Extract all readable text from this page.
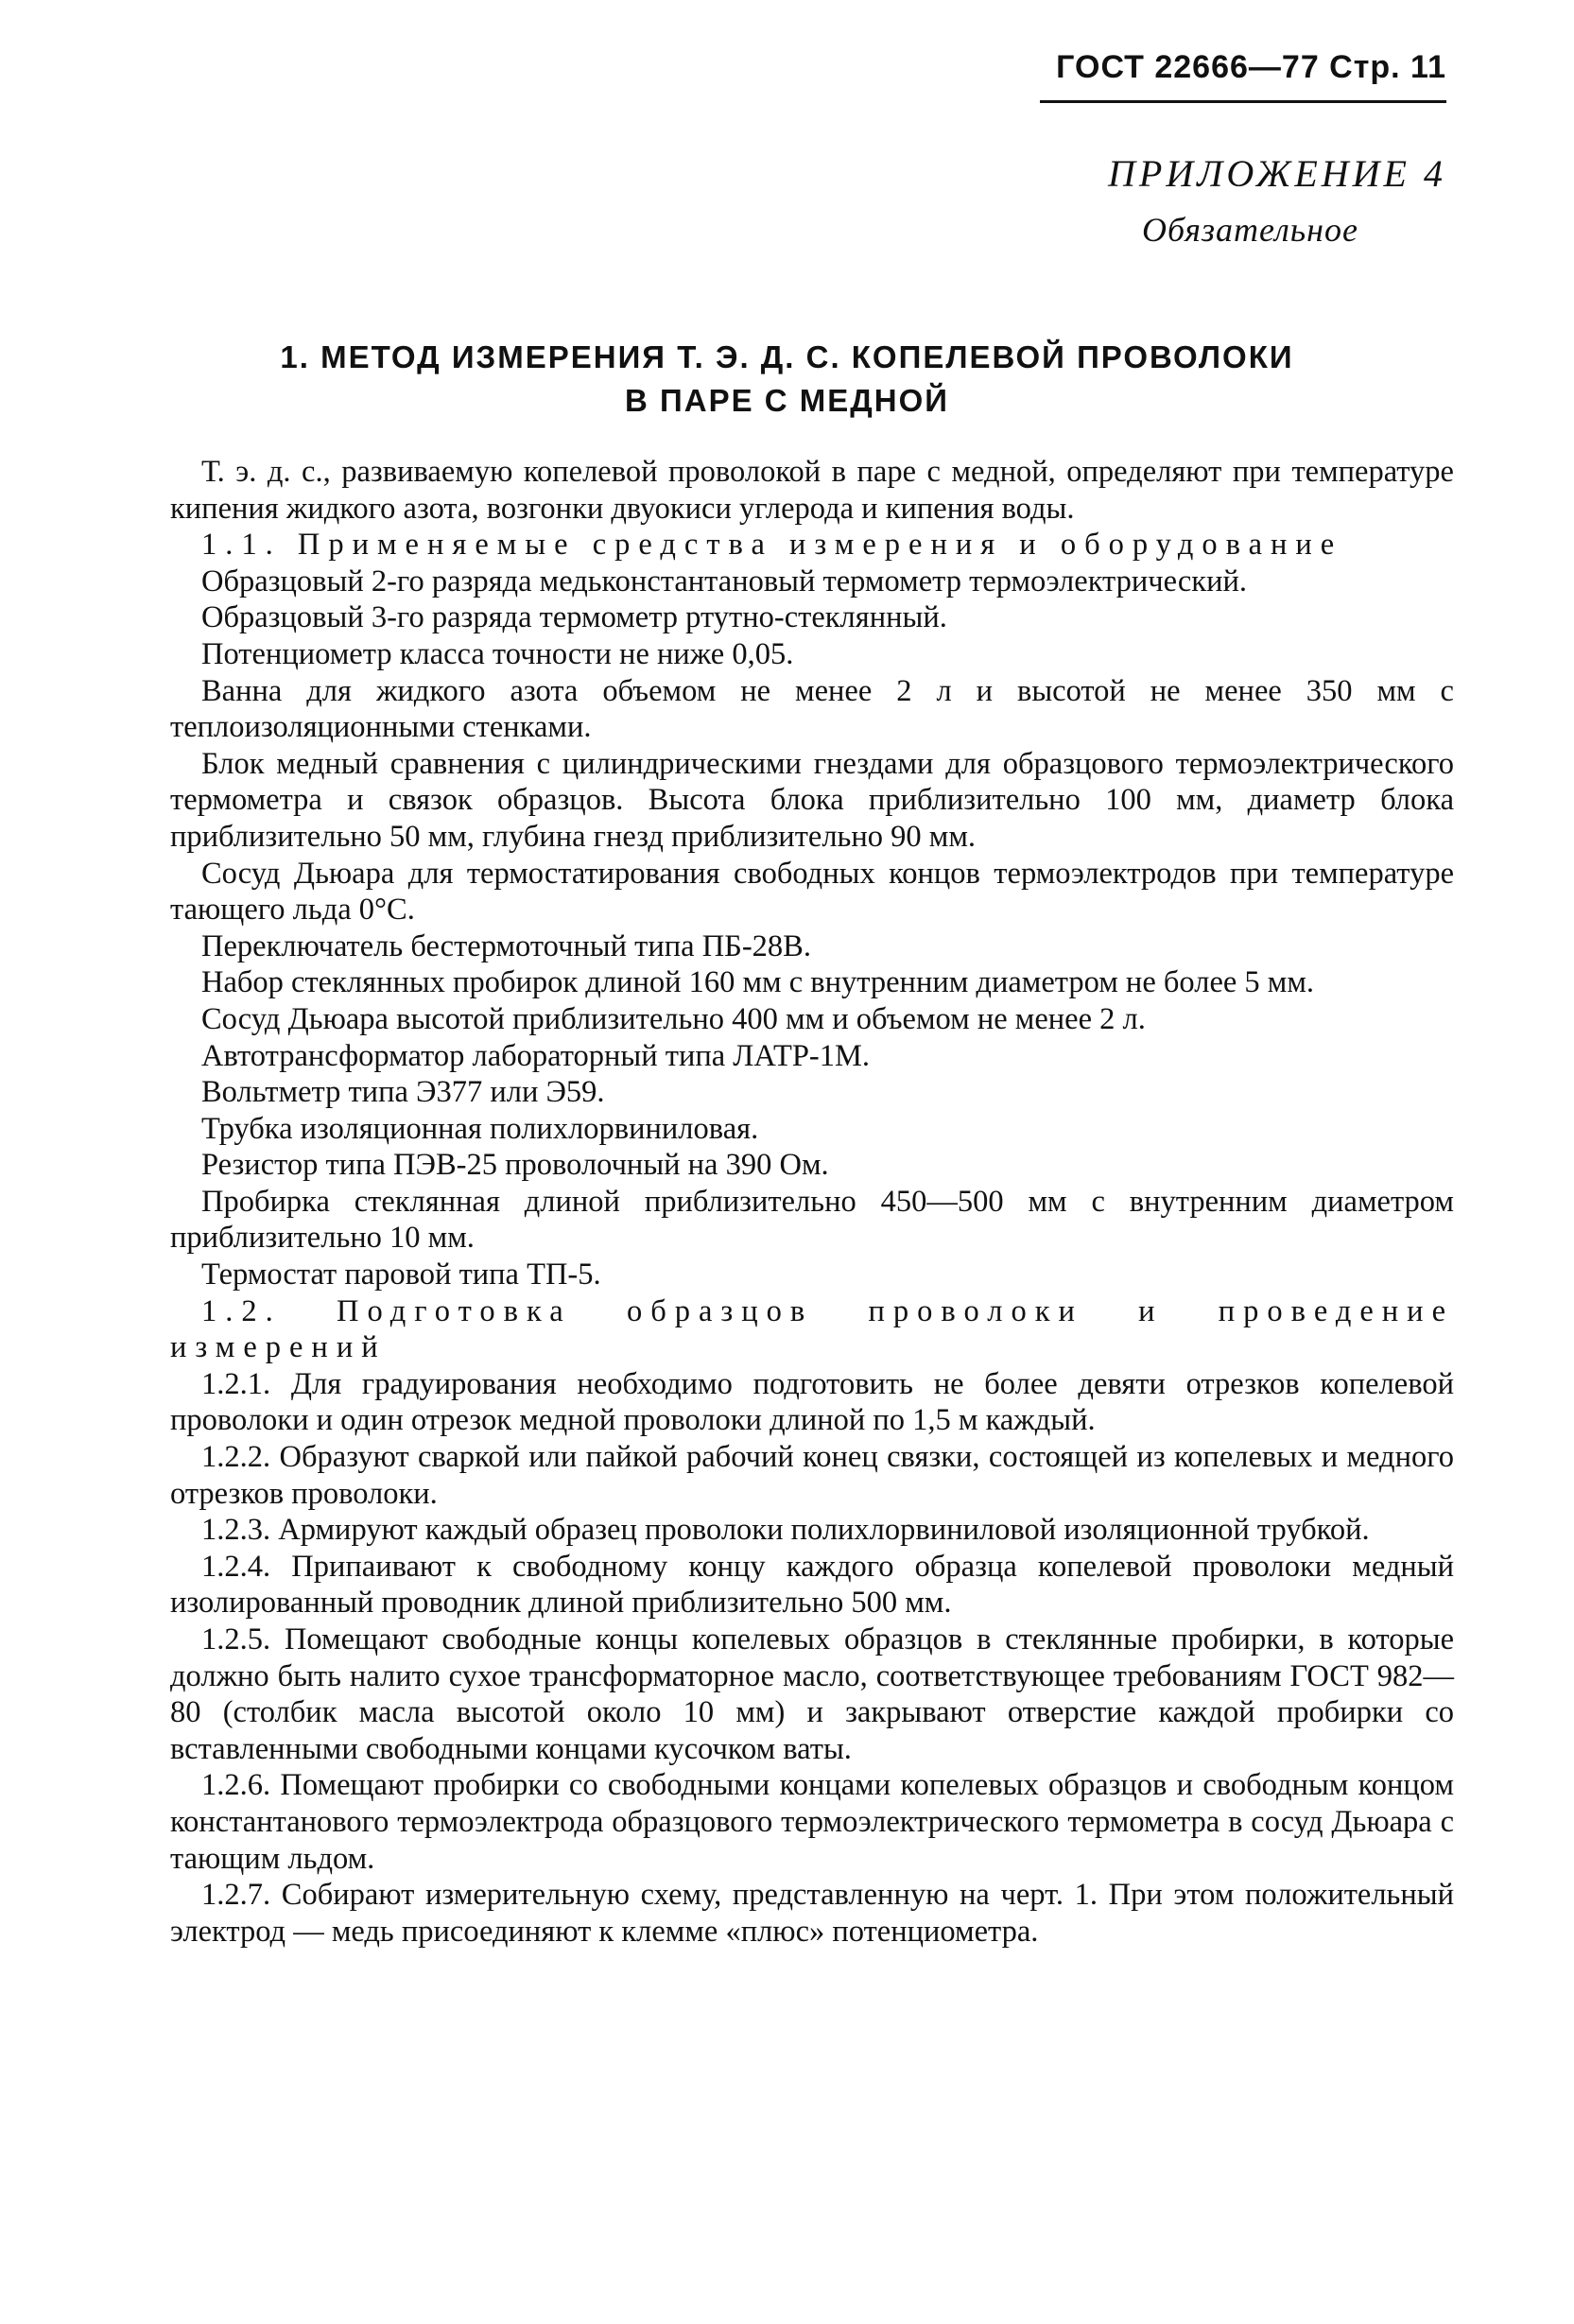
ГОСТ 22666—77 Стр. 11
ПРИЛОЖЕНИЕ 4
Обязательное
1. МЕТОД ИЗМЕРЕНИЯ Т. Э. Д. С. КОПЕЛЕВОЙ ПРОВОЛОКИ
В ПАРЕ С МЕДНОЙ

Т. э. д. с., развиваемую копелевой проволокой в паре с медной, определяют при температуре кипения жидкого азота, возгонки двуокиси углерода и кипения воды.

1.1. Применяемые средства измерения и оборудование

Образцовый 2-го разряда медьконстантановый термометр термоэлектрический.

Образцовый 3-го разряда термометр ртутно-стеклянный.

Потенциометр класса точности не ниже 0,05.

Ванна для жидкого азота объемом не менее 2 л и высотой не менее 350 мм с теплоизоляционными стенками.

Блок медный сравнения с цилиндрическими гнездами для образцового термоэлектрического термометра и связок образцов. Высота блока приблизительно 100 мм, диаметр блока приблизительно 50 мм, глубина гнезд приблизительно 90 мм.

Сосуд Дьюара для термостатирования свободных концов термоэлектродов при температуре тающего льда 0°С.

Переключатель бестермоточный типа ПБ-28В.

Набор стеклянных пробирок длиной 160 мм с внутренним диаметром не более 5 мм.

Сосуд Дьюара высотой приблизительно 400 мм и объемом не менее 2 л.

Автотрансформатор лабораторный типа ЛАТР-1М.

Вольтметр типа Э377 или Э59.

Трубка изоляционная полихлорвиниловая.

Резистор типа ПЭВ-25 проволочный на 390 Ом.

Пробирка стеклянная длиной приблизительно 450—500 мм с внутренним диаметром приблизительно 10 мм.

Термостат паровой типа ТП-5.

1.2. Подготовка образцов проволоки и проведение измерений

1.2.1. Для градуирования необходимо подготовить не более девяти отрезков копелевой проволоки и один отрезок медной проволоки длиной по 1,5 м каждый.

1.2.2. Образуют сваркой или пайкой рабочий конец связки, состоящей из копелевых и медного отрезков проволоки.

1.2.3. Армируют каждый образец проволоки полихлорвиниловой изоляционной трубкой.

1.2.4. Припаивают к свободному концу каждого образца копелевой проволоки медный изолированный проводник длиной приблизительно 500 мм.

1.2.5. Помещают свободные концы копелевых образцов в стеклянные пробирки, в которые должно быть налито сухое трансформаторное масло, соответствующее требованиям ГОСТ 982—80 (столбик масла высотой около 10 мм) и закрывают отверстие каждой пробирки со вставленными свободными концами кусочком ваты.

1.2.6. Помещают пробирки со свободными концами копелевых образцов и свободным концом константанового термоэлектрода образцового термоэлектрического термометра в сосуд Дьюара с тающим льдом.

1.2.7. Собирают измерительную схему, представленную на черт. 1. При этом положительный электрод — медь присоединяют к клемме «плюс» потенциометра.
